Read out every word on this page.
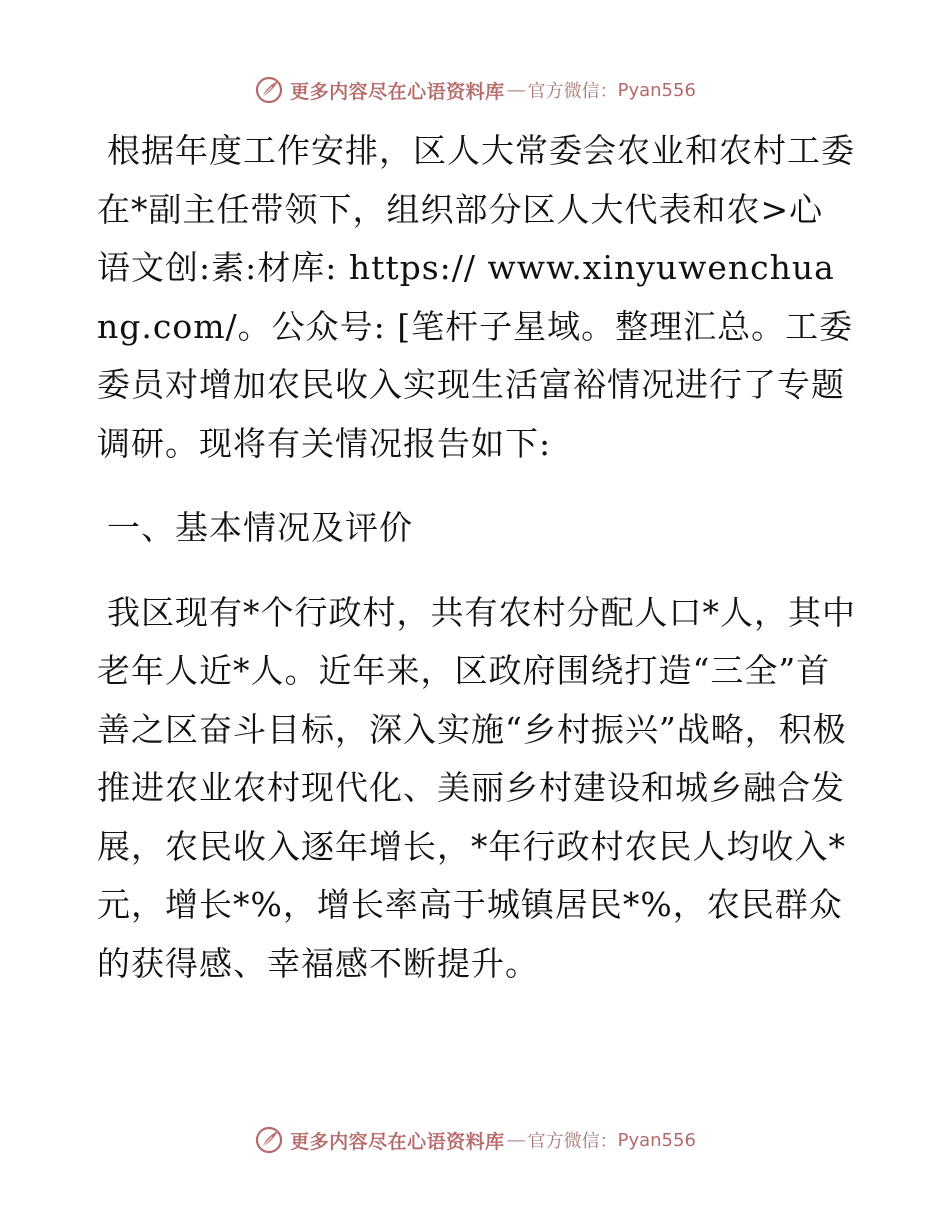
更多内容尽在心语资料库 — 官方微信： Pyan556

根据年度工作安排，区人大常委会农业和农村工委在*副主任带领下，组织部分区人大代表和农>心语文创:素:材库: https:// www.xinyuwenchuang.com/。公众号: [笔杆子星域。整理汇总。工委委员对增加农民收入实现生活富裕情况进行了专题调研。现将有关情况报告如下:

一、基本情况及评价

我区现有*个行政村，共有农村分配人口*人，其中老年人近*人。近年来，区政府围绕打造“三全”首善之区奋斗目标，深入实施“乡村振兴”战略，积极推进农业农村现代化、美丽乡村建设和城乡融合发展，农民收入逐年增长，*年行政村农民人均收入*元，增长*%，增长率高于城镇居民*%，农民群众的获得感、幸福感不断提升。

更多内容尽在心语资料库 — 官方微信： Pyan556
